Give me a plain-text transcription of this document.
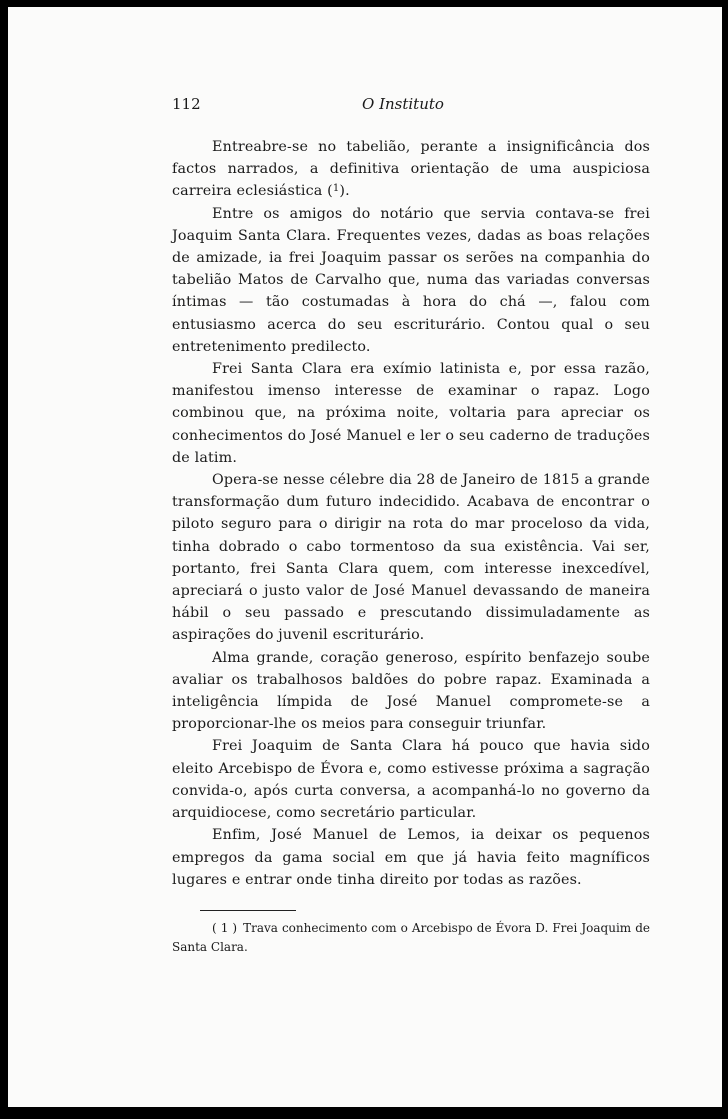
112	O Instituto

Entreabre-se no tabelião, perante a insignificância dos factos narrados, a definitiva orientação de uma auspiciosa carreira eclesiástica ($^1$).

Entre os amigos do notário que servia contava-se frei Joaquim Santa Clara. Frequentes vezes, dadas as boas relações de amizade, ia frei Joaquim passar os serões na companhia do tabelião Matos de Carvalho que, numa das variadas conversas íntimas — tão costumadas à hora do chá —, falou com entusiasmo acerca do seu escriturário. Contou qual o seu entretenimento predilecto.

Frei Santa Clara era exímio latinista e, por essa razão, manifestou imenso interesse de examinar o rapaz. Logo combinou que, na próxima noite, voltaria para apreciar os conhecimentos do José Manuel e ler o seu caderno de traduções de latim.

Opera-se nesse célebre dia 28 de Janeiro de 1815 a grande transformação dum futuro indecidido. Acabava de encontrar o piloto seguro para o dirigir na rota do mar proceloso da vida, tinha dobrado o cabo tormentoso da sua existência. Vai ser, portanto, frei Santa Clara quem, com interesse inexcedível, apreciará o justo valor de José Manuel devassando de maneira hábil o seu passado e prescutando dissimuladamente as aspirações do juvenil escriturário.

Alma grande, coração generoso, espírito benfazejo soube avaliar os trabalhosos baldões do pobre rapaz. Examinada a inteligência límpida de José Manuel compromete-se a proporcionar-lhe os meios para conseguir triunfar.

Frei Joaquim de Santa Clara há pouco que havia sido eleito Arcebispo de Évora e, como estivesse próxima a sagração convida-o, após curta conversa, a acompanhá-lo no governo da arquidiocese, como secretário particular.

Enfim, José Manuel de Lemos, ia deixar os pequenos empregos da gama social em que já havia feito magníficos lugares e entrar onde tinha direito por todas as razões.

( 1 ) Trava conhecimento com o Arcebispo de Évora D. Frei Joaquim de Santa Clara.
